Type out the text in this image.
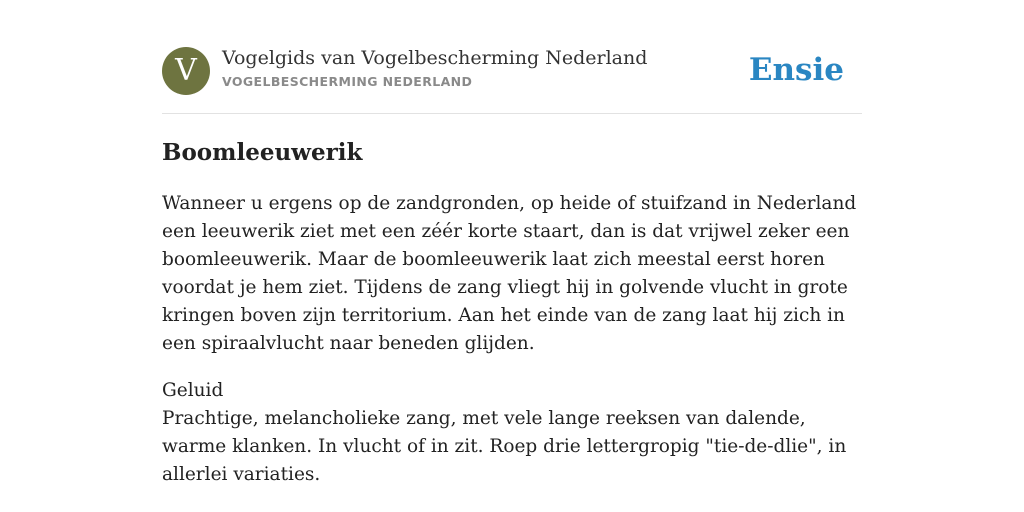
V	Vogelgids van Vogelbescherming Nederland
VOGELBESCHERMING NEDERLAND	Ensie
Boomleeuwerik

Wanneer u ergens op de zandgronden, op heide of stuifzand in Nederland een leeuwerik ziet met een zéér korte staart, dan is dat vrijwel zeker een boomleeuwerik. Maar de boomleeuwerik laat zich meestal eerst horen voordat je hem ziet. Tijdens de zang vliegt hij in golvende vlucht in grote kringen boven zijn territorium. Aan het einde van de zang laat hij zich in een spiraalvlucht naar beneden glijden.

Geluid
Prachtige, melancholieke zang, met vele lange reeksen van dalende, warme klanken. In vlucht of in zit. Roep drie lettergropig "tie-de-dlie", in allerlei variaties.
